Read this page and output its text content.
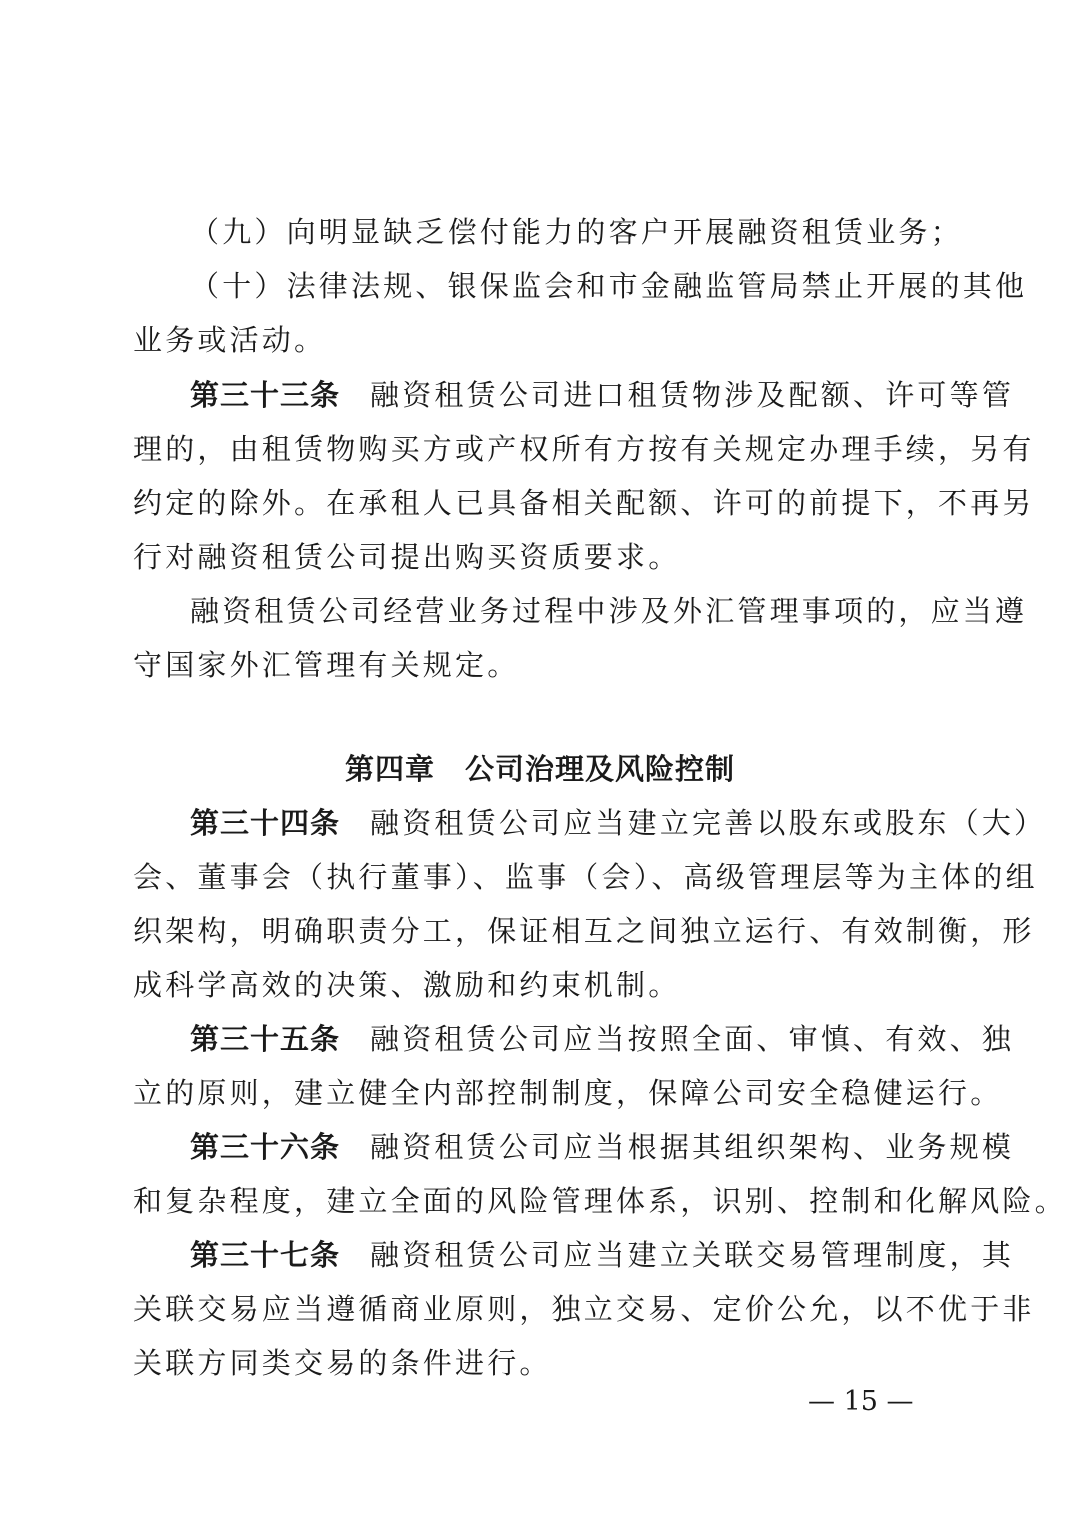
（九）向明显缺乏偿付能力的客户开展融资租赁业务；
（十）法律法规、银保监会和市金融监管局禁止开展的其他
业务或活动。
第三十三条 融资租赁公司进口租赁物涉及配额、许可等管
理的，由租赁物购买方或产权所有方按有关规定办理手续，另有
约定的除外。在承租人已具备相关配额、许可的前提下，不再另
行对融资租赁公司提出购买资质要求。
融资租赁公司经营业务过程中涉及外汇管理事项的，应当遵
守国家外汇管理有关规定。
第四章 公司治理及风险控制
第三十四条 融资租赁公司应当建立完善以股东或股东（大）
会、董事会（执行董事）、监事（会）、高级管理层等为主体的组
织架构，明确职责分工，保证相互之间独立运行、有效制衡，形
成科学高效的决策、激励和约束机制。
第三十五条 融资租赁公司应当按照全面、审慎、有效、独
立的原则，建立健全内部控制制度，保障公司安全稳健运行。
第三十六条 融资租赁公司应当根据其组织架构、业务规模
和复杂程度，建立全面的风险管理体系，识别、控制和化解风险。
第三十七条 融资租赁公司应当建立关联交易管理制度，其
关联交易应当遵循商业原则，独立交易、定价公允，以不优于非
关联方同类交易的条件进行。
— 15 —
